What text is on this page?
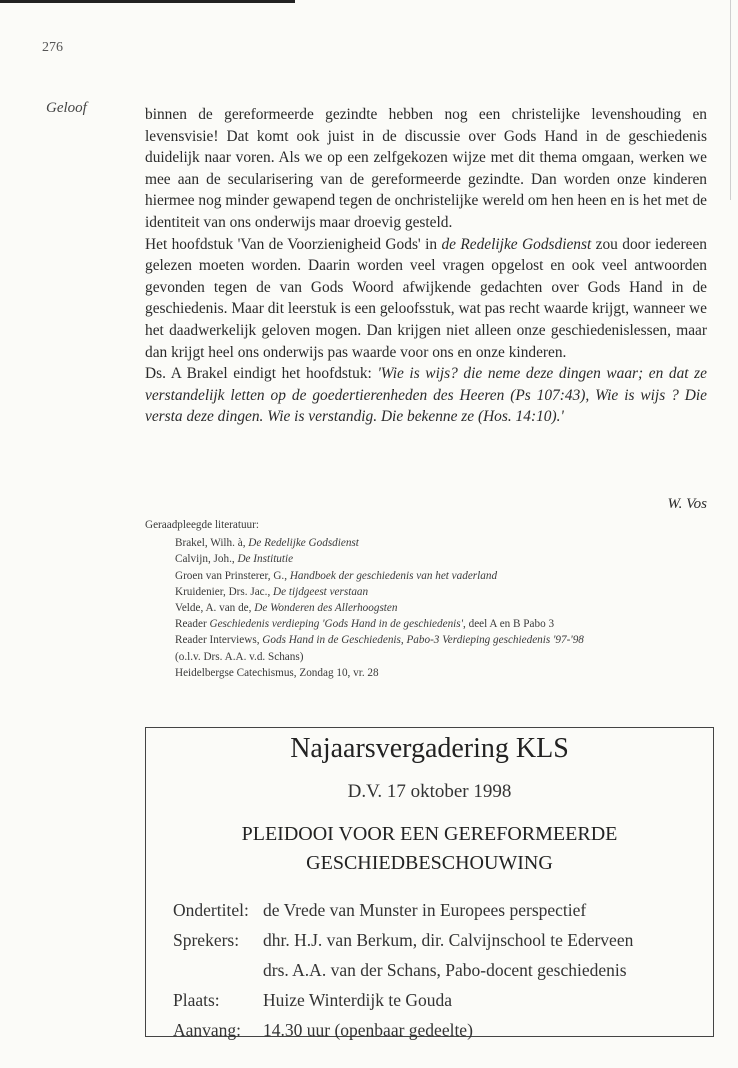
276
Geloof	binnen de gereformeerde gezindte hebben nog een christelijke levenshouding en levensvisie! Dat komt ook juist in de discussie over Gods Hand in de geschiedenis duidelijk naar voren. Als we op een zelfgekozen wijze met dit thema omgaan, werken we mee aan de secularisering van de gereformeerde gezindte. Dan worden onze kinderen hiermee nog minder gewapend tegen de onchristelijke wereld om hen heen en is het met de identiteit van ons onderwijs maar droevig gesteld.

Het hoofdstuk 'Van de Voorzienigheid Gods' in de Redelijke Godsdienst zou door iedereen gelezen moeten worden. Daarin worden veel vragen opgelost en ook veel antwoorden gevonden tegen de van Gods Woord afwijkende gedachten over Gods Hand in de geschiedenis. Maar dit leerstuk is een geloofsstuk, wat pas recht waarde krijgt, wanneer we het daadwerkelijk geloven mogen. Dan krijgen niet alleen onze geschiedenislessen, maar dan krijgt heel ons onderwijs pas waarde voor ons en onze kinderen.

Ds. A Brakel eindigt het hoofdstuk: 'Wie is wijs? die neme deze dingen waar; en dat ze verstandelijk letten op de goedertierenheden des Heeren (Ps 107:43), Wie is wijs ? Die versta deze dingen. Wie is verstandig. Die bekenne ze (Hos. 14:10).'

W. Vos
Geraadpleegde literatuur:
Brakel, Wilh. à, De Redelijke Godsdienst
Calvijn, Joh., De Institutie
Groen van Prinsterer, G., Handboek der geschiedenis van het vaderland
Kruidenier, Drs. Jac., De tijdgeest verstaan
Velde, A. van de, De Wonderen des Allerhoogsten
Reader Geschiedenis verdieping 'Gods Hand in de geschiedenis', deel A en B Pabo 3
Reader Interviews, Gods Hand in de Geschiedenis, Pabo-3 Verdieping geschiedenis '97-'98
(o.l.v. Drs. A.A. v.d. Schans)
Heidelbergse Catechismus, Zondag 10, vr. 28
Najaarsvergadering KLS
D.V. 17 oktober 1998
PLEIDOOI VOOR EEN GEREFORMEERDE
GESCHIEDBESCHOUWING
Ondertitel: de Vrede van Munster in Europees perspectief
Sprekers:	dhr. H.J. van Berkum, dir. Calvijnschool te Ederveen
drs. A.A. van der Schans, Pabo-docent geschiedenis
Plaats:	Huize Winterdijk te Gouda
Aanvang:	14.30 uur (openbaar gedeelte)
